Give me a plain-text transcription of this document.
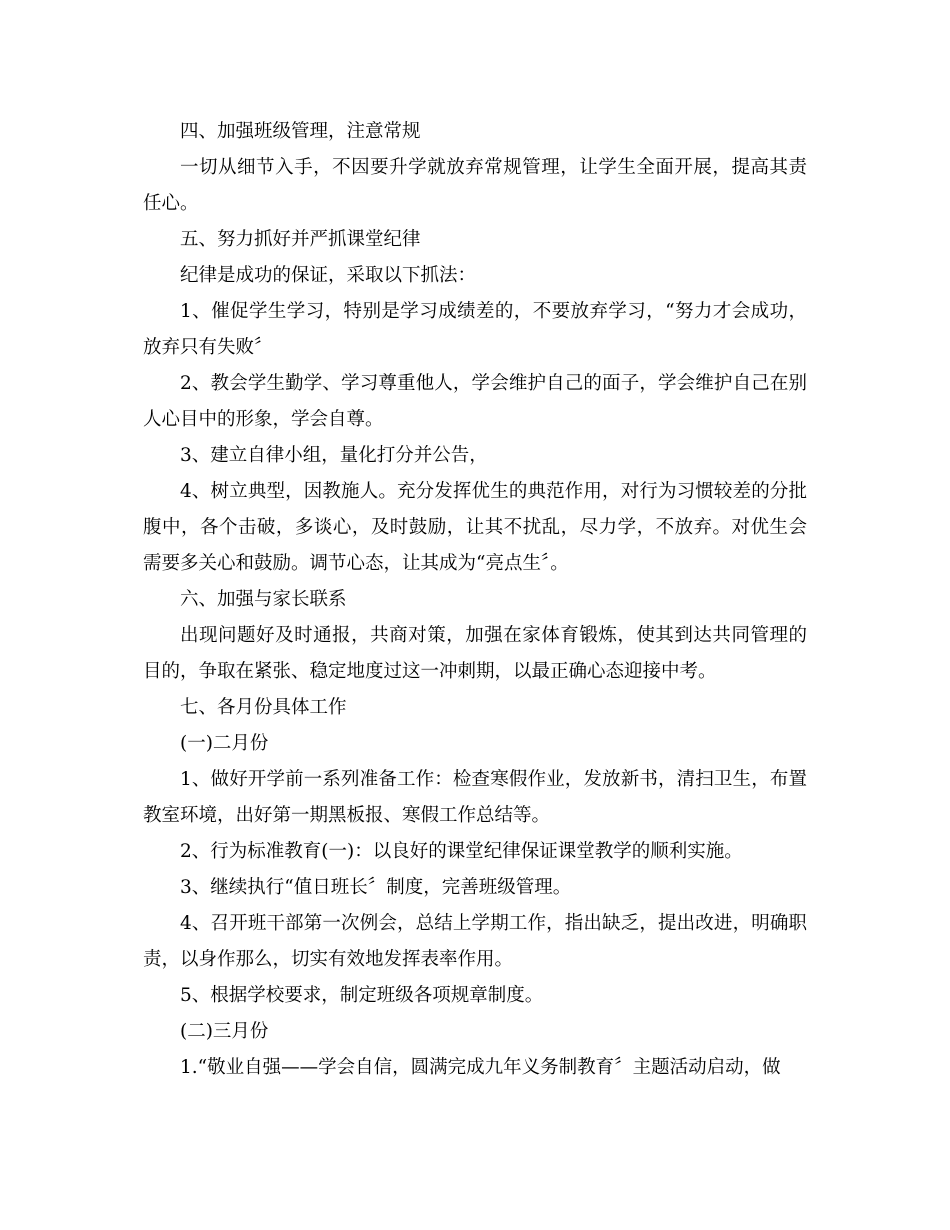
四、加强班级管理，注意常规

一切从细节入手，不因要升学就放弃常规管理，让学生全面开展，提高其责任心。

五、努力抓好并严抓课堂纪律

纪律是成功的保证，采取以下抓法：

1、催促学生学习，特别是学习成绩差的，不要放弃学习，“努力才会成功，放弃只有失败〞

2、教会学生勤学、学习尊重他人，学会维护自己的面子，学会维护自己在别人心目中的形象，学会自尊。

3、建立自律小组，量化打分并公告，

4、树立典型，因教施人。充分发挥优生的典范作用，对行为习惯较差的分批腹中，各个击破，多谈心，及时鼓励，让其不扰乱，尽力学，不放弃。对优生会需要多关心和鼓励。调节心态，让其成为“亮点生〞。

六、加强与家长联系

出现问题好及时通报，共商对策，加强在家体育锻炼，使其到达共同管理的目的，争取在紧张、稳定地度过这一冲刺期，以最正确心态迎接中考。

七、各月份具体工作

(一)二月份

1、做好开学前一系列准备工作：检查寒假作业，发放新书，清扫卫生，布置教室环境，出好第一期黑板报、寒假工作总结等。

2、行为标准教育(一)：以良好的课堂纪律保证课堂教学的顺利实施。

3、继续执行“值日班长〞制度，完善班级管理。

4、召开班干部第一次例会，总结上学期工作，指出缺乏，提出改进，明确职责，以身作那么，切实有效地发挥表率作用。

5、根据学校要求，制定班级各项规章制度。

(二)三月份

1.“敬业自强——学会自信，圆满完成九年义务制教育〞主题活动启动，做
